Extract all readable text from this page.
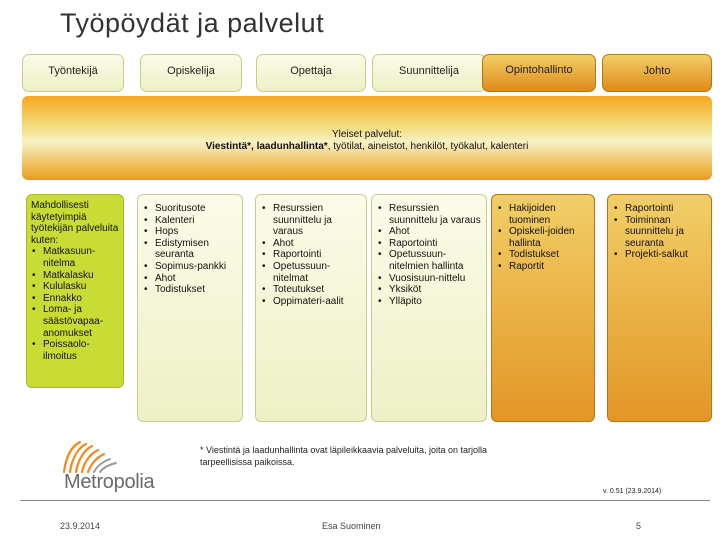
Työpöydät ja palvelut
Työntekijä	Opiskelija	Opettaja	Suunnittelija	Opintohallinto	Johto
Yleiset palvelut:
Viestintä*, laadunhallinta*, työtilat, aineistot, henkilöt, työkalut, kalenteri
Mahdollisesti käytetyimpiä työtekijän palveluita kuten:
• Matkasuun-nitelma
• Matkalasku
• Kululasku
• Ennakko
• Loma- ja säästövapaa-anomukset
• Poissaolo-ilmoitus
• Suoritusote
• Kalenteri
• Hops
• Edistymisen seuranta
• Sopimus-pankki
• Ahot
• Todistukset
• Resurssien suunnittelu ja varaus
• Ahot
• Raportointi
• Opetussuun-nitelmat
• Toteutukset
• Oppimateri-aalit
• Resurssien suunnittelu ja varaus
• Ahot
• Raportointi
• Opetussuun-nitelmien hallinta
• Vuosisuun-nittelu
• Yksiköt
• Ylläpito
• Hakijoiden tuominen
• Opiskeli-joiden hallinta
• Todistukset
• Raportit
• Raportointi
• Toiminnan suunnittelu ja seuranta
• Projekti-salkut
* Viestintä ja laadunhallinta ovat läpileikkaavia palveluita, joita on tarjolla tarpeellisissa paikoissa.
Metropolia	v. 0.51 (23.9.2014)
23.9.2014	Esa Suominen	5
